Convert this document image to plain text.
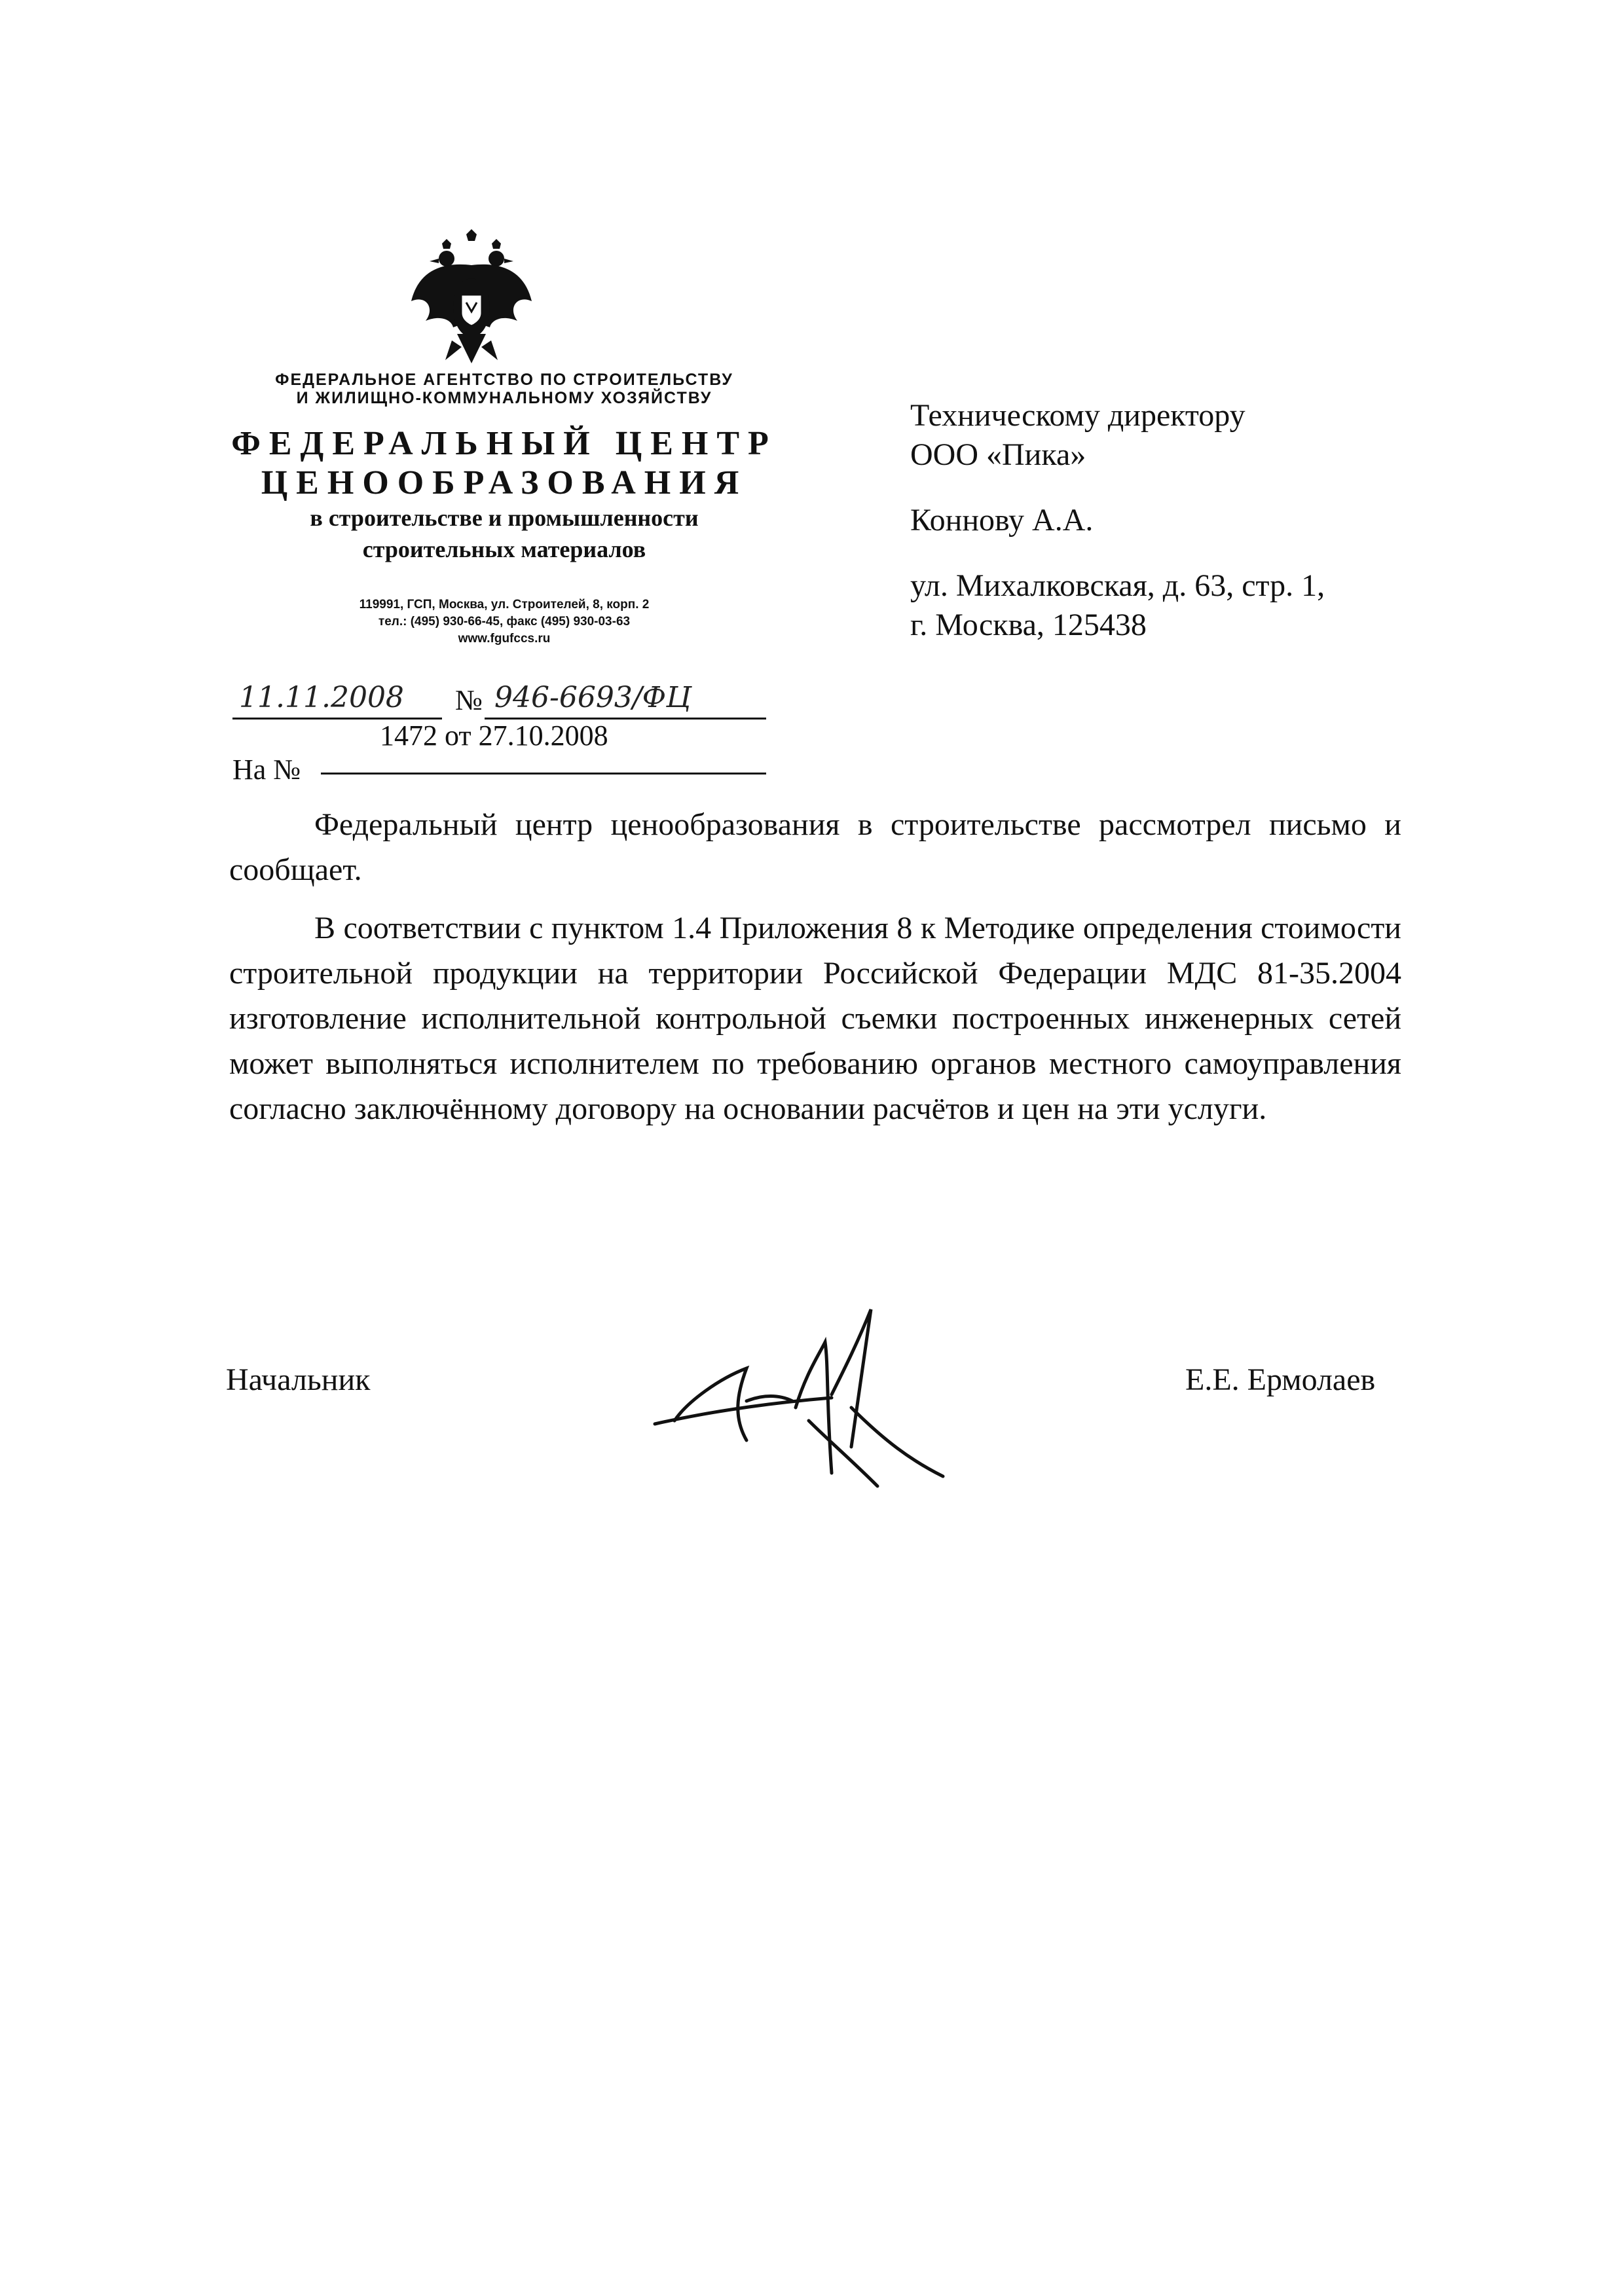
ФЕДЕРАЛЬНОЕ АГЕНТСТВО ПО СТРОИТЕЛЬСТВУ
И ЖИЛИЩНО-КОММУНАЛЬНОМУ ХОЗЯЙСТВУ
ФЕДЕРАЛЬНЫЙ ЦЕНТР
ЦЕНООБРАЗОВАНИЯ
в строительстве и промышленности
строительных материалов
119991, ГСП, Москва, ул. Строителей, 8, корп. 2
тел.: (495) 930-66-45, факс (495) 930-03-63
www.fgufccs.ru
11.11.2008 № 946-6693/ФЦ
1472 от 27.10.2008
На №
Техническому директору
ООО «Пика»
Коннову А.А.
ул. Михалковская, д. 63, стр. 1,
г. Москва, 125438

Федеральный центр ценообразования в строительстве рассмотрел письмо и сообщает.

В соответствии с пунктом 1.4 Приложения 8 к Методике определения стоимости строительной продукции на территории Российской Федерации МДС 81-35.2004 изготовление исполнительной контрольной съемки построенных инженерных сетей может выполняться исполнителем по требованию органов местного самоуправления согласно заключённому договору на основании расчётов и цен на эти услуги.

Начальник	Е.Е. Ермолаев
